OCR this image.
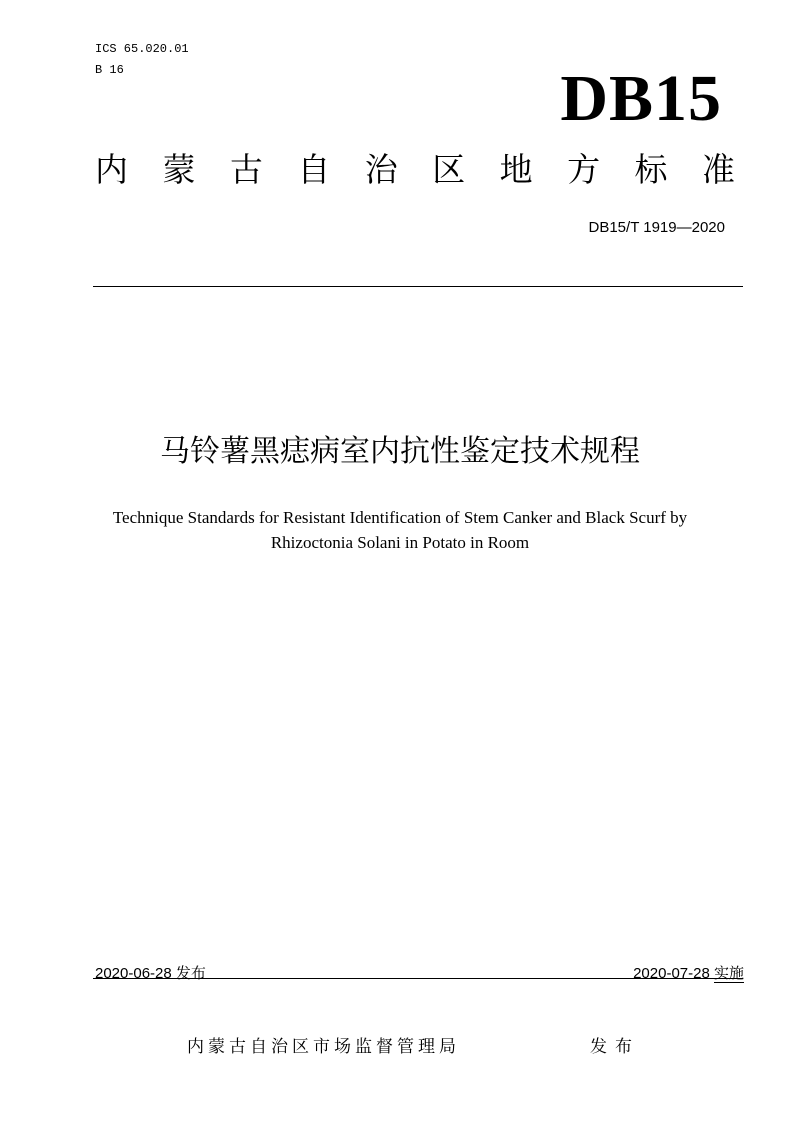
ICS 65.020.01
B 16	DB15
内 蒙 古 自 治 区 地 方 标 准
DB15/T 1919—2020
马铃薯黑痣病室内抗性鉴定技术规程
Technique Standards for Resistant Identification of Stem Canker and Black Scurf by
Rhizoctonia Solani in Potato in Room
2020-06-28 发布	2020-07-28 实施
内蒙古自治区市场监督管理局	发布
